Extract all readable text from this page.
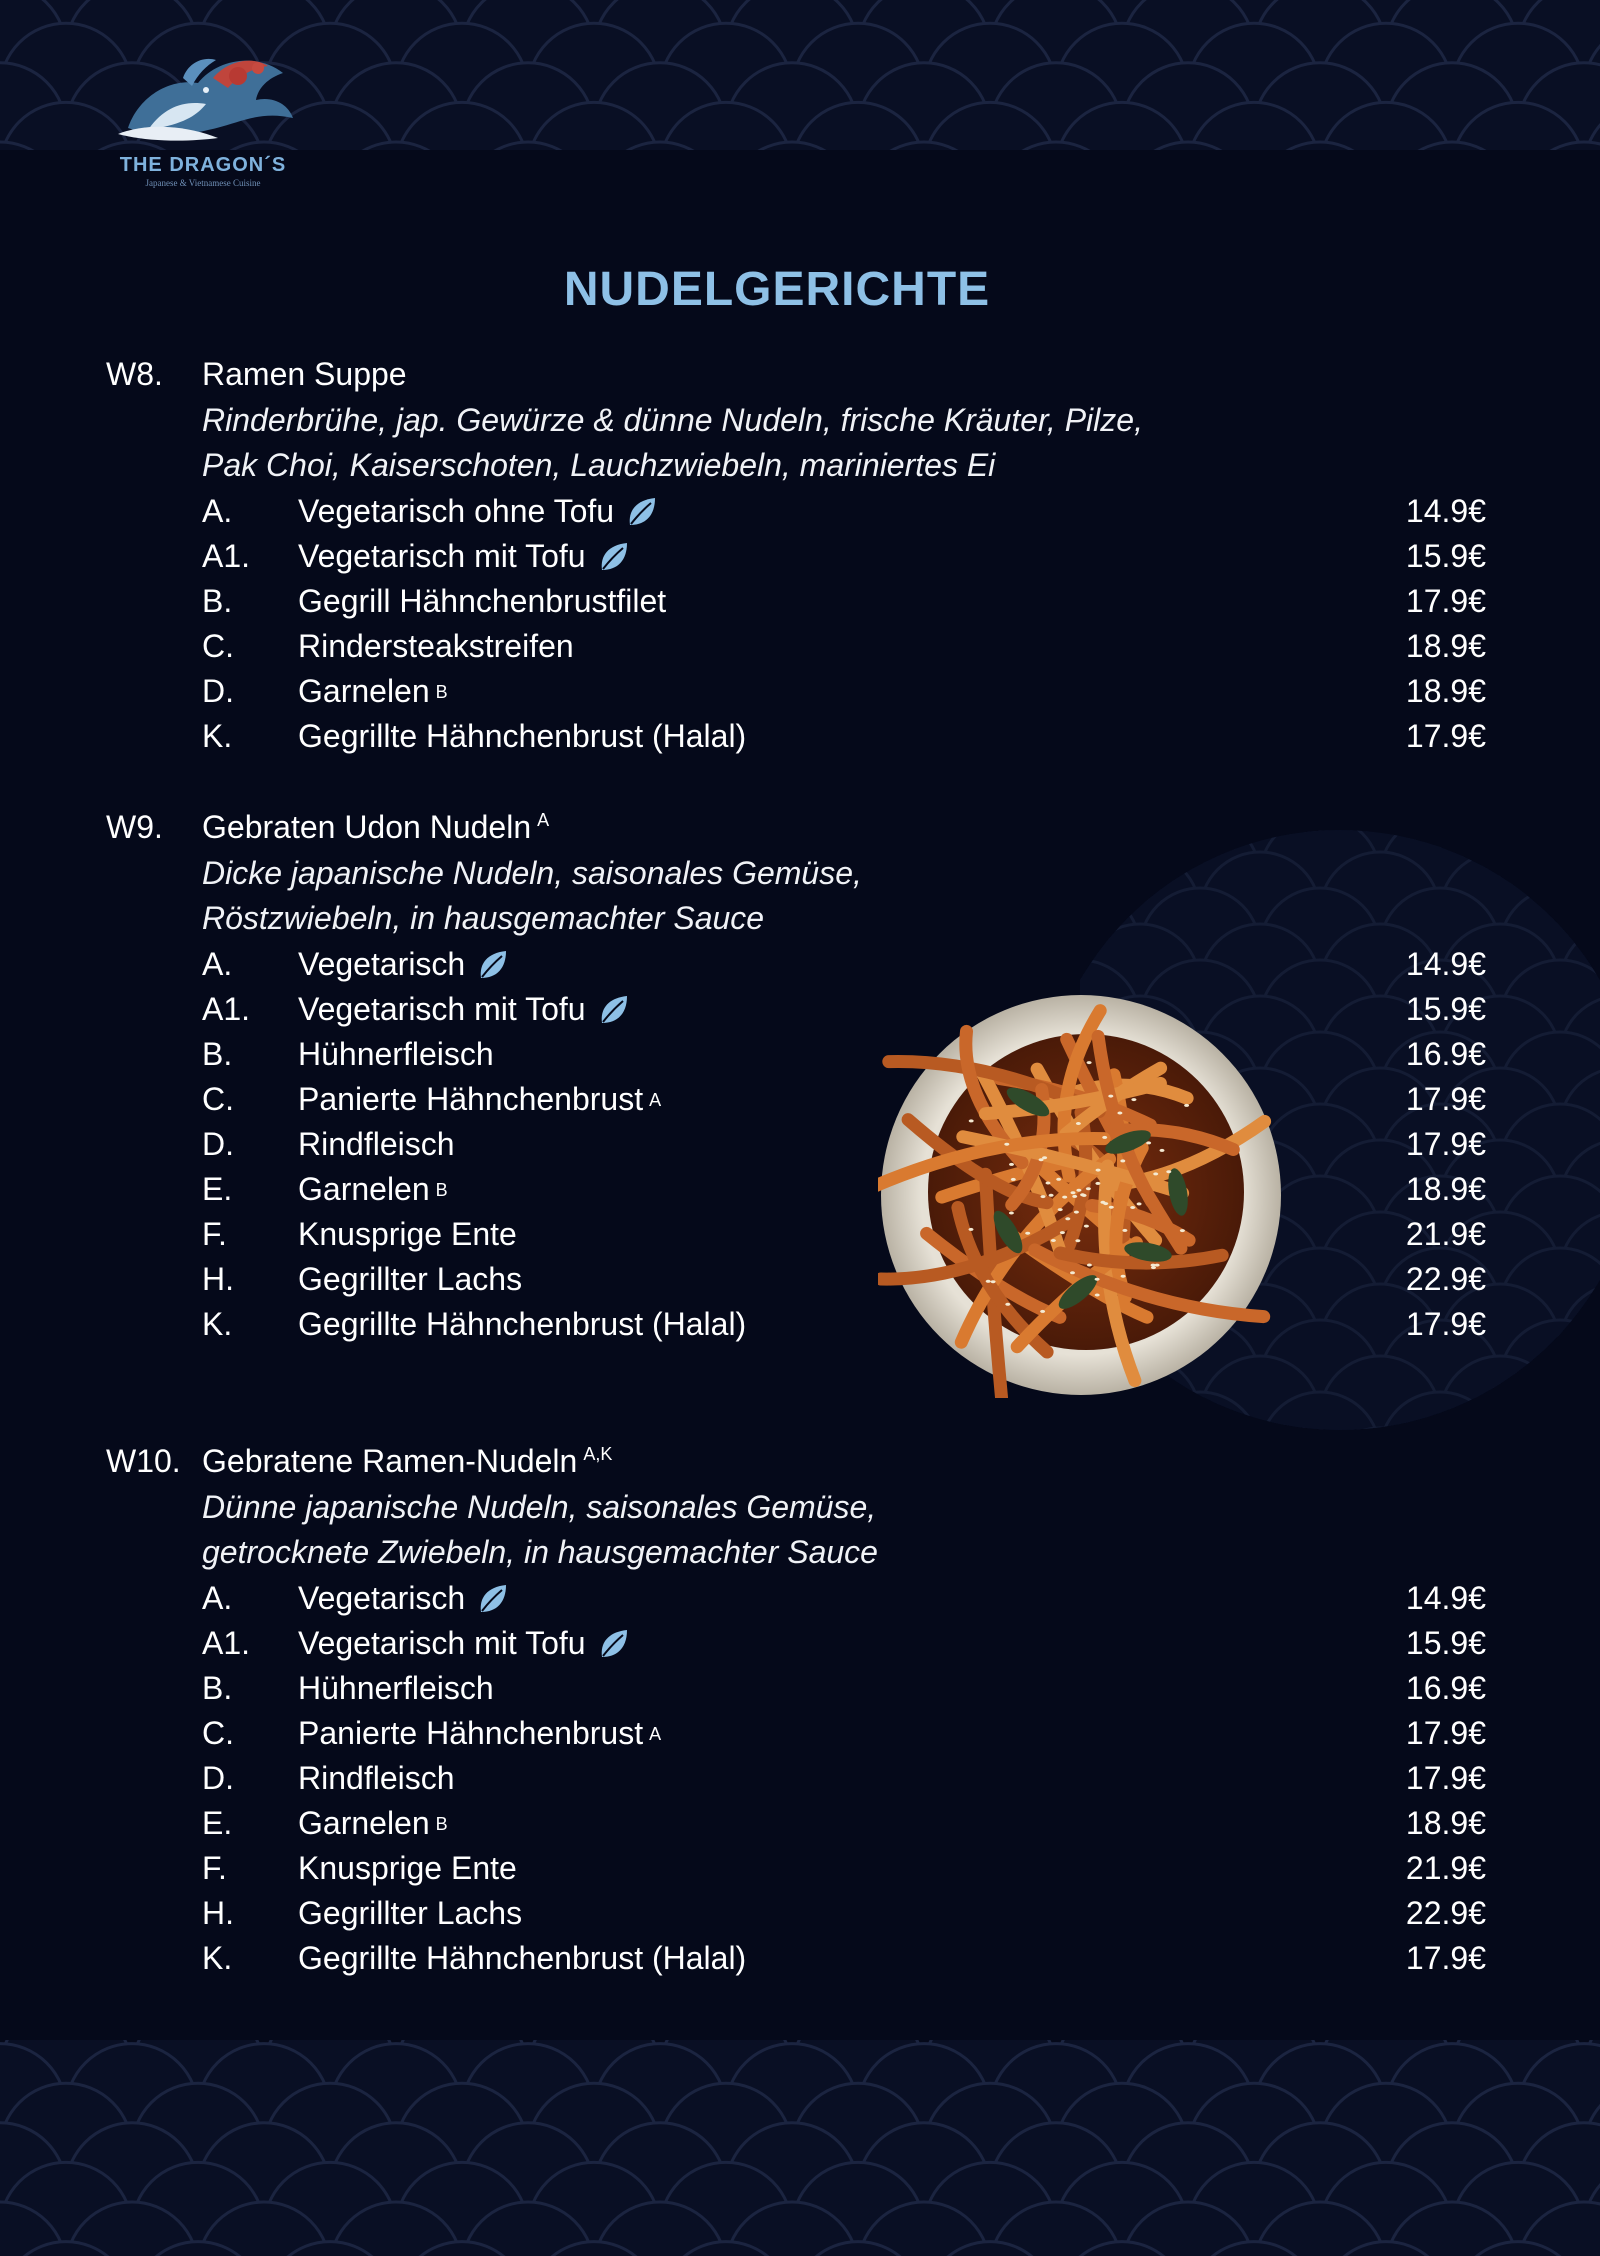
THE DRAGON´S
Japanese & Vietnamese Cuisine
NUDELGERICHTE
W8. Ramen Suppe
Rinderbrühe, jap. Gewürze & dünne Nudeln, frische Kräuter, Pilze,
Pak Choi, Kaiserschoten, Lauchzwiebeln, mariniertes Ei
A. Vegetarisch ohne Tofu	14.9€
A1. Vegetarisch mit Tofu	15.9€
B. Gegrill Hähnchenbrustfilet	17.9€
C. Rindersteakstreifen	18.9€
D. Garnelen B	18.9€
K. Gegrillte Hähnchenbrust (Halal)	17.9€
W9. Gebraten Udon Nudeln $^A$
Dicke japanische Nudeln, saisonales Gemüse,
Röstzwiebeln, in hausgemachter Sauce
A. Vegetarisch	14.9€
A1. Vegetarisch mit Tofu	15.9€
B. Hühnerfleisch	16.9€
C. Panierte Hähnchenbrust A	17.9€
D. Rindfleisch	17.9€
E. Garnelen B	18.9€
F. Knusprige Ente	21.9€
H. Gegrillter Lachs	22.9€
K. Gegrillte Hähnchenbrust (Halal)	17.9€
W10. Gebratene Ramen-Nudeln $^{A,K}$
Dünne japanische Nudeln, saisonales Gemüse,
getrocknete Zwiebeln, in hausgemachter Sauce
A. Vegetarisch	14.9€
A1. Vegetarisch mit Tofu	15.9€
B. Hühnerfleisch	16.9€
C. Panierte Hähnchenbrust A	17.9€
D. Rindfleisch	17.9€
E. Garnelen B	18.9€
F. Knusprige Ente	21.9€
H. Gegrillter Lachs	22.9€
K. Gegrillte Hähnchenbrust (Halal)	17.9€
